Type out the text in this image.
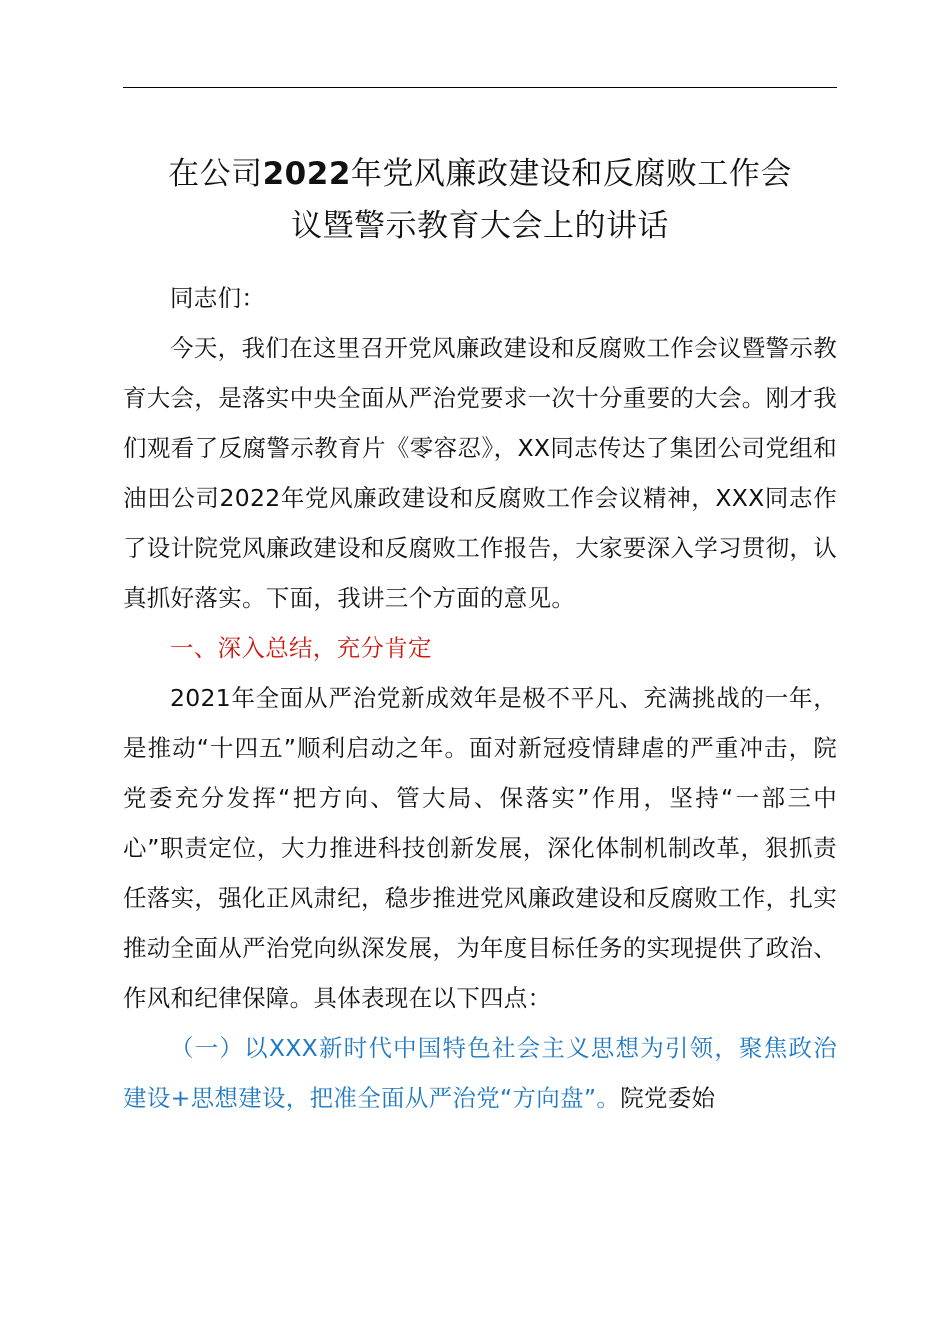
在公司2022年党风廉政建设和反腐败工作会
议暨警示教育大会上的讲话

同志们：

今天，我们在这里召开党风廉政建设和反腐败工作会议暨警示教育大会，是落实中央全面从严治党要求一次十分重要的大会。刚才我们观看了反腐警示教育片《零容忍》，XX同志传达了集团公司党组和油田公司2022年党风廉政建设和反腐败工作会议精神，XXX同志作了设计院党风廉政建设和反腐败工作报告，大家要深入学习贯彻，认真抓好落实。下面，我讲三个方面的意见。

一、深入总结，充分肯定

2021年全面从严治党新成效年是极不平凡、充满挑战的一年，是推动“十四五”顺利启动之年。面对新冠疫情肆虐的严重冲击，院党委充分发挥“把方向、管大局、保落实”作用，坚持“一部三中心”职责定位，大力推进科技创新发展，深化体制机制改革，狠抓责任落实，强化正风肃纪，稳步推进党风廉政建设和反腐败工作，扎实推动全面从严治党向纵深发展，为年度目标任务的实现提供了政治、作风和纪律保障。具体表现在以下四点：

（一）以XXX新时代中国特色社会主义思想为引领，聚焦政治建设+思想建设，把准全面从严治党“方向盘”。院党委始
